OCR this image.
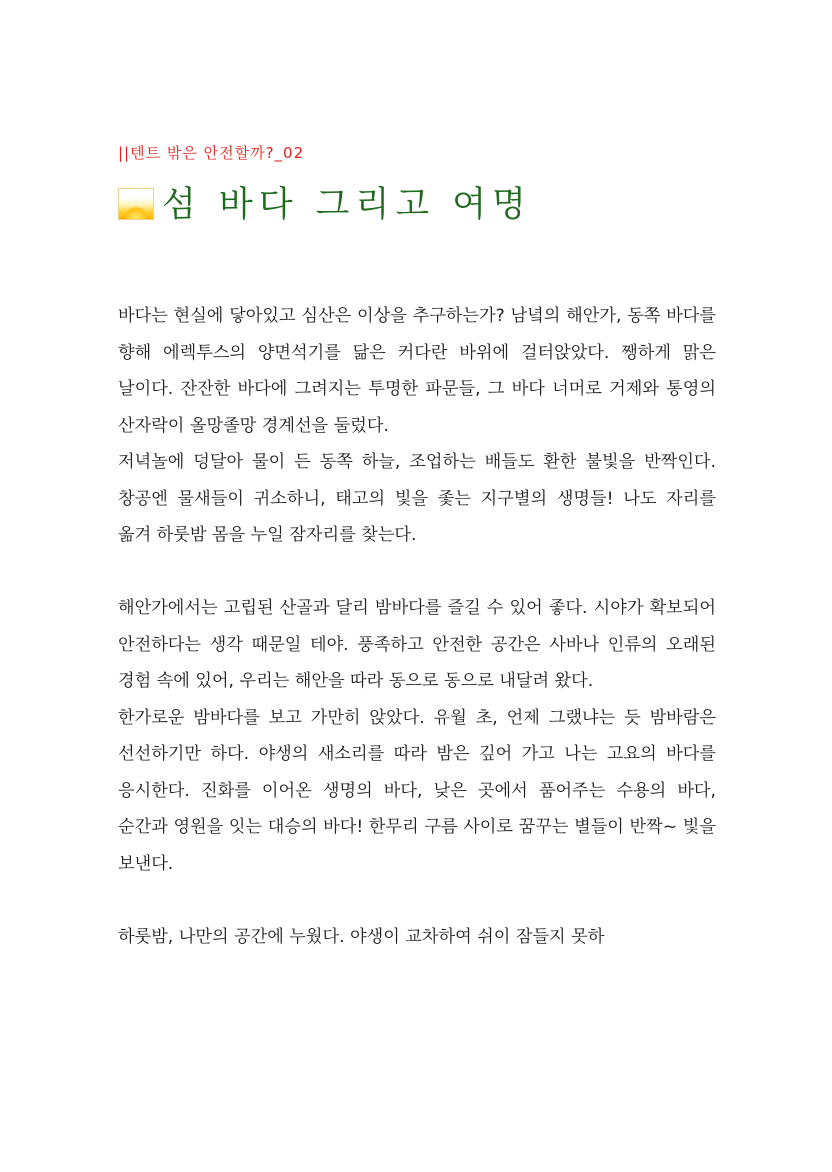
||텐트 밖은 안전할까?_02
섬 바다 그리고 여명

바다는 현실에 닿아있고 심산은 이상을 추구하는가? 남녘의 해안가, 동쪽 바다를 향해 에렉투스의 양면석기를 닮은 커다란 바위에 걸터앉았다. 쨍하게 맑은 날이다. 잔잔한 바다에 그려지는 투명한 파문들, 그 바다 너머로 거제와 통영의 산자락이 올망졸망 경계선을 둘렀다.

저녁놀에 덩달아 물이 든 동쪽 하늘, 조업하는 배들도 환한 불빛을 반짝인다. 창공엔 물새들이 귀소하니, 태고의 빛을 좇는 지구별의 생명들! 나도 자리를 옮겨 하룻밤 몸을 누일 잠자리를 찾는다.

해안가에서는 고립된 산골과 달리 밤바다를 즐길 수 있어 좋다. 시야가 확보되어 안전하다는 생각 때문일 테야. 풍족하고 안전한 공간은 사바나 인류의 오래된 경험 속에 있어, 우리는 해안을 따라 동으로 동으로 내달려 왔다.

한가로운 밤바다를 보고 가만히 앉았다. 유월 초, 언제 그랬냐는 듯 밤바람은 선선하기만 하다. 야생의 새소리를 따라 밤은 깊어 가고 나는 고요의 바다를 응시한다. 진화를 이어온 생명의 바다, 낮은 곳에서 품어주는 수용의 바다, 순간과 영원을 잇는 대승의 바다! 한무리 구름 사이로 꿈꾸는 별들이 반짝~ 빛을 보낸다.

하룻밤, 나만의 공간에 누웠다. 야생이 교차하여 쉬이 잠들지 못하
